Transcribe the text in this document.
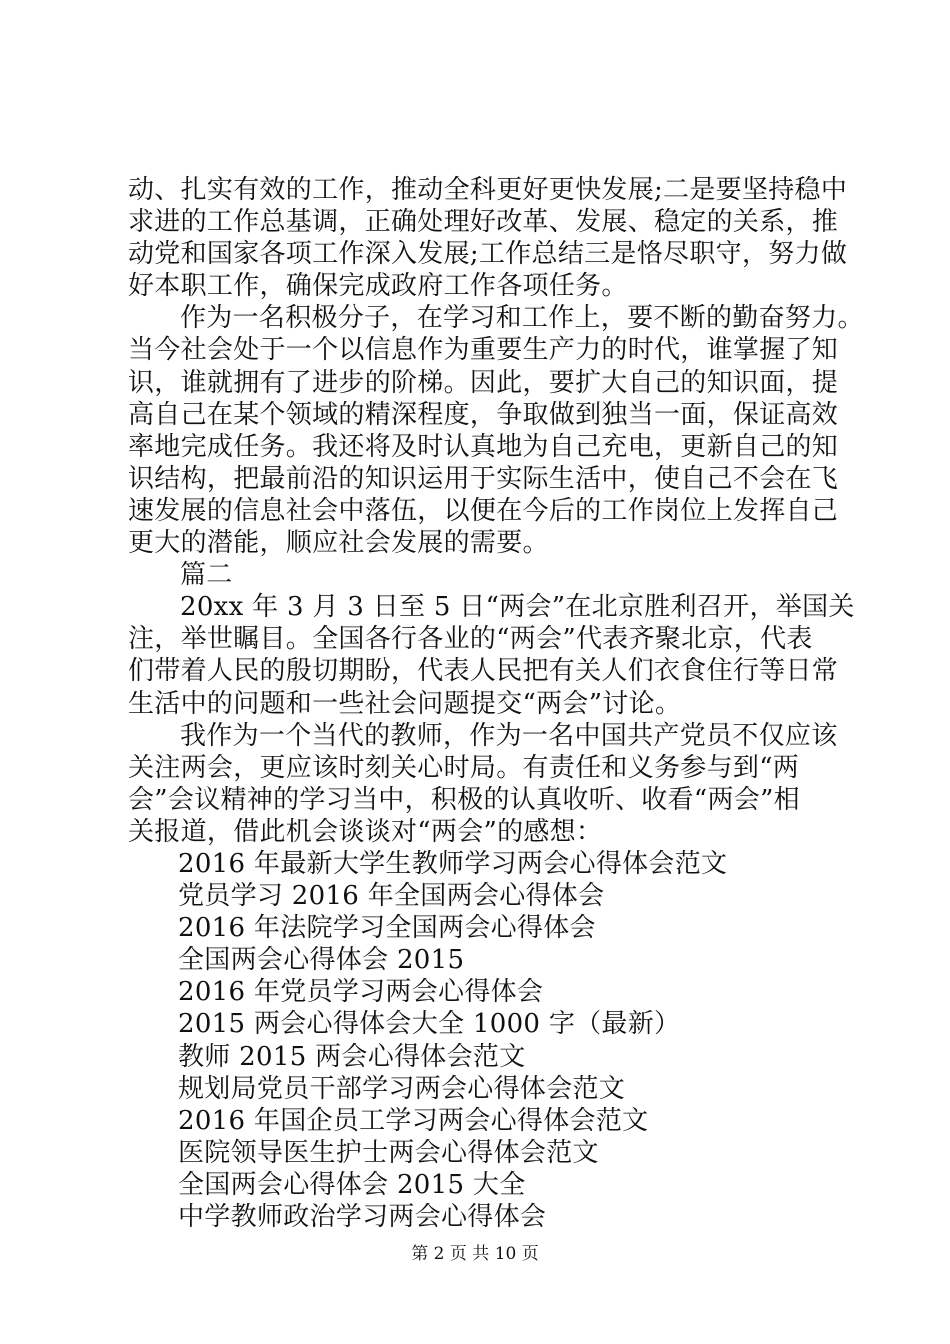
动、扎实有效的工作，推动全科更好更快发展;二是要坚持稳中
求进的工作总基调，正确处理好改革、发展、稳定的关系，推
动党和国家各项工作深入发展;工作总结三是恪尽职守，努力做
好本职工作，确保完成政府工作各项任务。
作为一名积极分子，在学习和工作上，要不断的勤奋努力。
当今社会处于一个以信息作为重要生产力的时代，谁掌握了知
识，谁就拥有了进步的阶梯。因此，要扩大自己的知识面，提
高自己在某个领域的精深程度，争取做到独当一面，保证高效
率地完成任务。我还将及时认真地为自己充电，更新自己的知
识结构，把最前沿的知识运用于实际生活中，使自己不会在飞
速发展的信息社会中落伍，以便在今后的工作岗位上发挥自己
更大的潜能，顺应社会发展的需要。
篇二
20xx 年 3 月 3 日至 5 日“两会”在北京胜利召开，举国关
注，举世瞩目。全国各行各业的“两会”代表齐聚北京，代表
们带着人民的殷切期盼，代表人民把有关人们衣食住行等日常
生活中的问题和一些社会问题提交“两会”讨论。
我作为一个当代的教师，作为一名中国共产党员不仅应该
关注两会，更应该时刻关心时局。有责任和义务参与到“两
会”会议精神的学习当中，积极的认真收听、收看“两会”相
关报道，借此机会谈谈对“两会”的感想：
2016 年最新大学生教师学习两会心得体会范文
党员学习 2016 年全国两会心得体会
2016 年法院学习全国两会心得体会
全国两会心得体会 2015
2016 年党员学习两会心得体会
2015 两会心得体会大全 1000 字（最新）
教师 2015 两会心得体会范文
规划局党员干部学习两会心得体会范文
2016 年国企员工学习两会心得体会范文
医院领导医生护士两会心得体会范文
全国两会心得体会 2015 大全
中学教师政治学习两会心得体会
第 2 页 共 10 页
